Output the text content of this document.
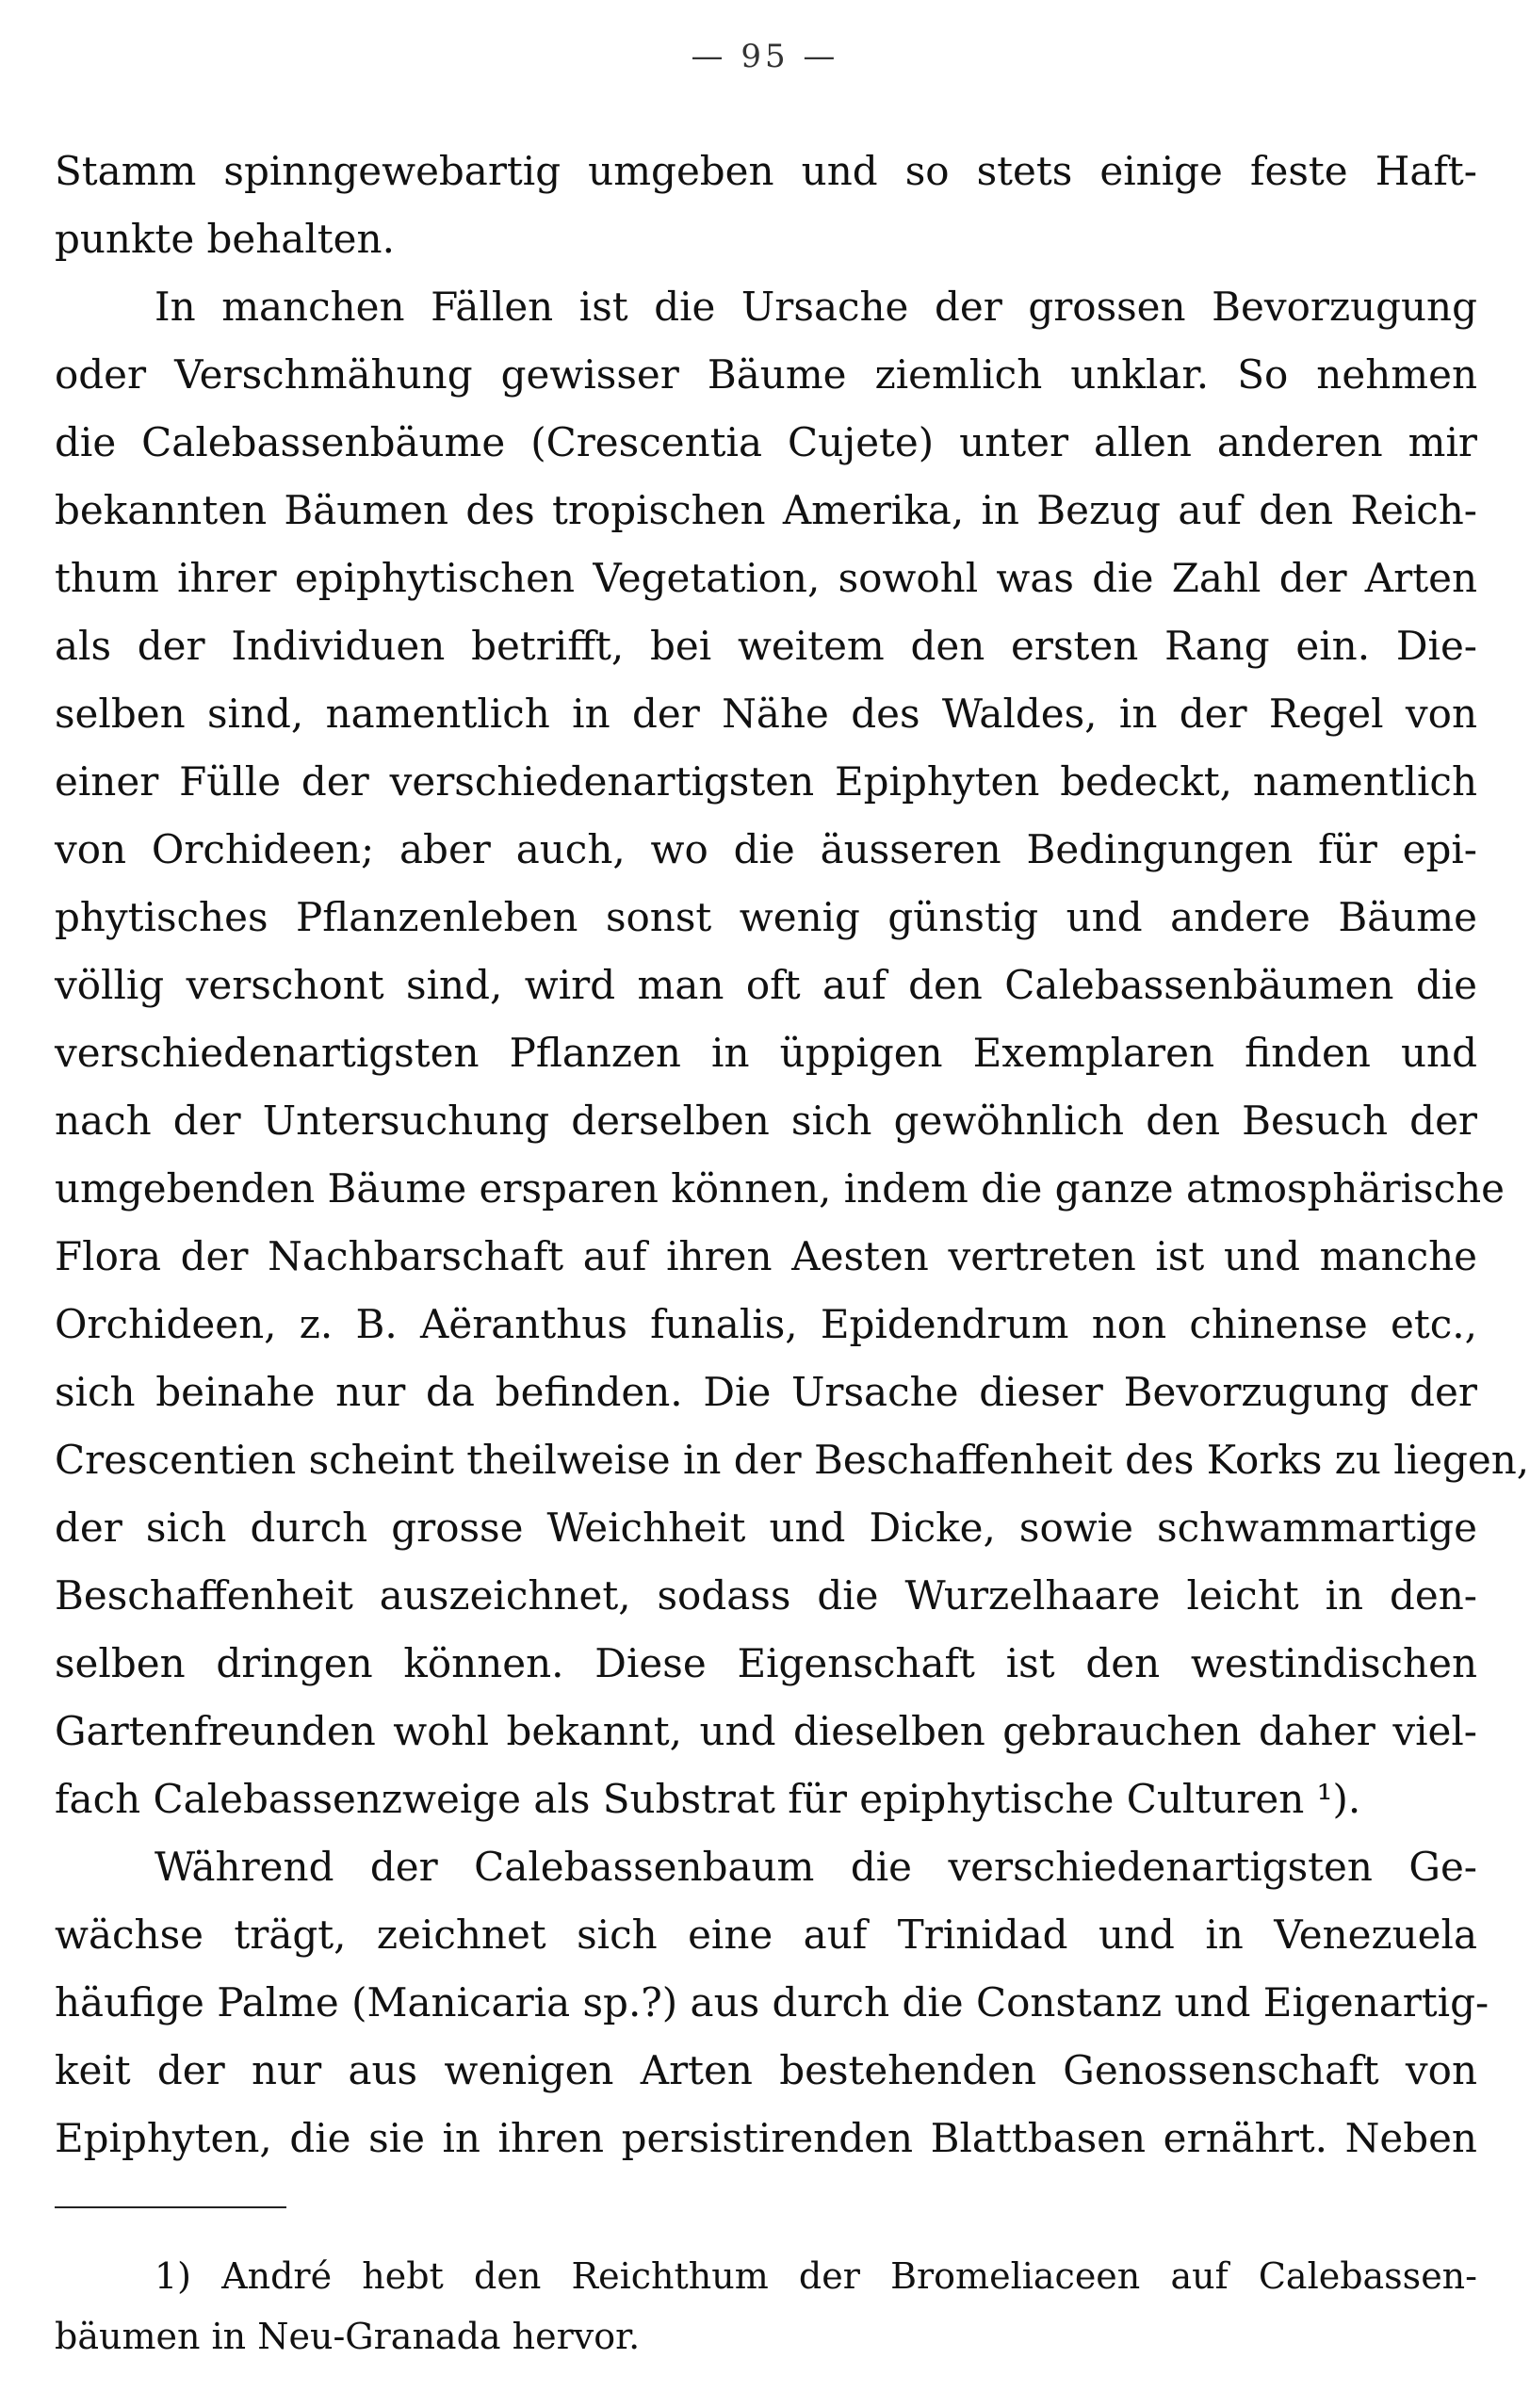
— 95 —
Stamm spinngewebartig umgeben und so stets einige feste Haft-
punkte behalten.
In manchen Fällen ist die Ursache der grossen Bevorzugung
oder Verschmähung gewisser Bäume ziemlich unklar. So nehmen
die Calebassenbäume (Crescentia Cujete) unter allen anderen mir
bekannten Bäumen des tropischen Amerika, in Bezug auf den Reich-
thum ihrer epiphytischen Vegetation, sowohl was die Zahl der Arten
als der Individuen betrifft, bei weitem den ersten Rang ein. Die-
selben sind, namentlich in der Nähe des Waldes, in der Regel von
einer Fülle der verschiedenartigsten Epiphyten bedeckt, namentlich
von Orchideen; aber auch, wo die äusseren Bedingungen für epi-
phytisches Pflanzenleben sonst wenig günstig und andere Bäume
völlig verschont sind, wird man oft auf den Calebassenbäumen die
verschiedenartigsten Pflanzen in üppigen Exemplaren finden und
nach der Untersuchung derselben sich gewöhnlich den Besuch der
umgebenden Bäume ersparen können, indem die ganze atmosphärische
Flora der Nachbarschaft auf ihren Aesten vertreten ist und manche
Orchideen, z. B. Aëranthus funalis, Epidendrum non chinense etc.,
sich beinahe nur da befinden. Die Ursache dieser Bevorzugung der
Crescentien scheint theilweise in der Beschaffenheit des Korks zu liegen,
der sich durch grosse Weichheit und Dicke, sowie schwammartige
Beschaffenheit auszeichnet, sodass die Wurzelhaare leicht in den-
selben dringen können. Diese Eigenschaft ist den westindischen
Gartenfreunden wohl bekannt, und dieselben gebrauchen daher viel-
fach Calebassenzweige als Substrat für epiphytische Culturen ¹).
Während der Calebassenbaum die verschiedenartigsten Ge-
wächse trägt, zeichnet sich eine auf Trinidad und in Venezuela
häufige Palme (Manicaria sp.?) aus durch die Constanz und Eigenartig-
keit der nur aus wenigen Arten bestehenden Genossenschaft von
Epiphyten, die sie in ihren persistirenden Blattbasen ernährt. Neben
1) André hebt den Reichthum der Bromeliaceen auf Calebassen-
bäumen in Neu-Granada hervor.
